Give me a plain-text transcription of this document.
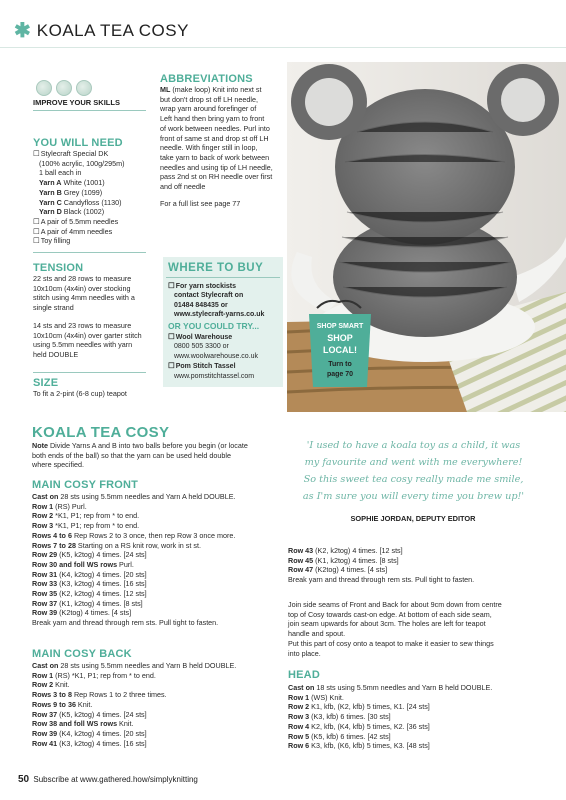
✱ KOALA TEA COSY
IMPROVE YOUR SKILLS
YOU WILL NEED
☐ Stylecraft Special DK
(100% acrylic, 100g/295m)
1 ball each in
Yarn A White (1001)
Yarn B Grey (1099)
Yarn C Candyfloss (1130)
Yarn D Black (1002)
☐ A pair of 5.5mm needles
☐ A pair of 4mm needles
☐ Toy filling
TENSION
22 sts and 28 rows to measure
10x10cm (4x4in) over stocking
stitch using 4mm needles with a
single strand
14 sts and 23 rows to measure
10x10cm (4x4in) over garter stitch
using 5.5mm needles with yarn
held DOUBLE
SIZE
To fit a 2-pint (6-8 cup) teapot
ABBREVIATIONS
ML (make loop) Knit into next st
but don't drop st off LH needle,
wrap yarn around forefinger of
Left hand then bring yarn to front
of work between needles. Purl into
front of same st and drop st off LH
needle. With finger still in loop,
take yarn to back of work between
needles and using tip of LH needle,
pass 2nd st on RH needle over first
and off needle
For a full list see page 77
WHERE TO BUY
☐ For yarn stockists
contact Stylecraft on
01484 848435 or
www.stylecraft-yarns.co.uk
OR YOU COULD TRY...
☐ Wool Warehouse
0800 505 3300 or
www.woolwarehouse.co.uk
☐ Pom Stitch Tassel
www.pomstitchtassel.com
SHOP SMART
SHOP
LOCAL!
Turn to
page 70
KOALA TEA COSY
Note Divide Yarns A and B into two balls before you begin (or locate
both ends of the ball) so that the yarn can be used held double
where specified.
MAIN COSY FRONT
Cast on 28 sts using 5.5mm needles and Yarn A held DOUBLE.
Row 1 (RS) Purl.
Row 2 *K1, P1; rep from * to end.
Row 3 *K1, P1; rep from * to end.
Rows 4 to 6 Rep Rows 2 to 3 once, then rep Row 3 once more.
Rows 7 to 28 Starting on a RS knit row, work in st st.
Row 29 (K5, k2tog) 4 times. [24 sts]
Row 30 and foll WS rows Purl.
Row 31 (K4, k2tog) 4 times. [20 sts]
Row 33 (K3, k2tog) 4 times. [16 sts]
Row 35 (K2, k2tog) 4 times. [12 sts]
Row 37 (K1, k2tog) 4 times. [8 sts]
Row 39 (K2tog) 4 times. [4 sts]
Break yarn and thread through rem sts. Pull tight to fasten.
MAIN COSY BACK
Cast on 28 sts using 5.5mm needles and Yarn B held DOUBLE.
Row 1 (RS) *K1, P1; rep from * to end.
Row 2 Knit.
Rows 3 to 8 Rep Rows 1 to 2 three times.
Rows 9 to 36 Knit.
Row 37 (K5, k2tog) 4 times. [24 sts]
Row 38 and foll WS rows Knit.
Row 39 (K4, k2tog) 4 times. [20 sts]
Row 41 (K3, k2tog) 4 times. [16 sts]
'I used to have a koala toy as a child, it was
my favourite and went with me everywhere!
So this sweet tea cosy really made me smile,
as I'm sure you will every time you brew up!'
SOPHIE JORDAN, DEPUTY EDITOR
Row 43 (K2, k2tog) 4 times. [12 sts]
Row 45 (K1, k2tog) 4 times. [8 sts]
Row 47 (K2tog) 4 times. [4 sts]
Break yarn and thread through rem sts. Pull tight to fasten.
Join side seams of Front and Back for about 9cm down from centre
top of Cosy towards cast-on edge. At bottom of each side seam,
join seam upwards for about 3cm. The holes are left for teapot
handle and spout.
Put this part of cosy onto a teapot to make it easier to sew things
into place.
HEAD
Cast on 18 sts using 5.5mm needles and Yarn B held DOUBLE.
Row 1 (WS) Knit.
Row 2 K1, kfb, (K2, kfb) 5 times, K1. [24 sts]
Row 3 (K3, kfb) 6 times. [30 sts]
Row 4 K2, kfb, (K4, kfb) 5 times, K2. [36 sts]
Row 5 (K5, kfb) 6 times. [42 sts]
Row 6 K3, kfb, (K6, kfb) 5 times, K3. [48 sts]
50 Subscribe at www.gathered.how/simplyknitting
